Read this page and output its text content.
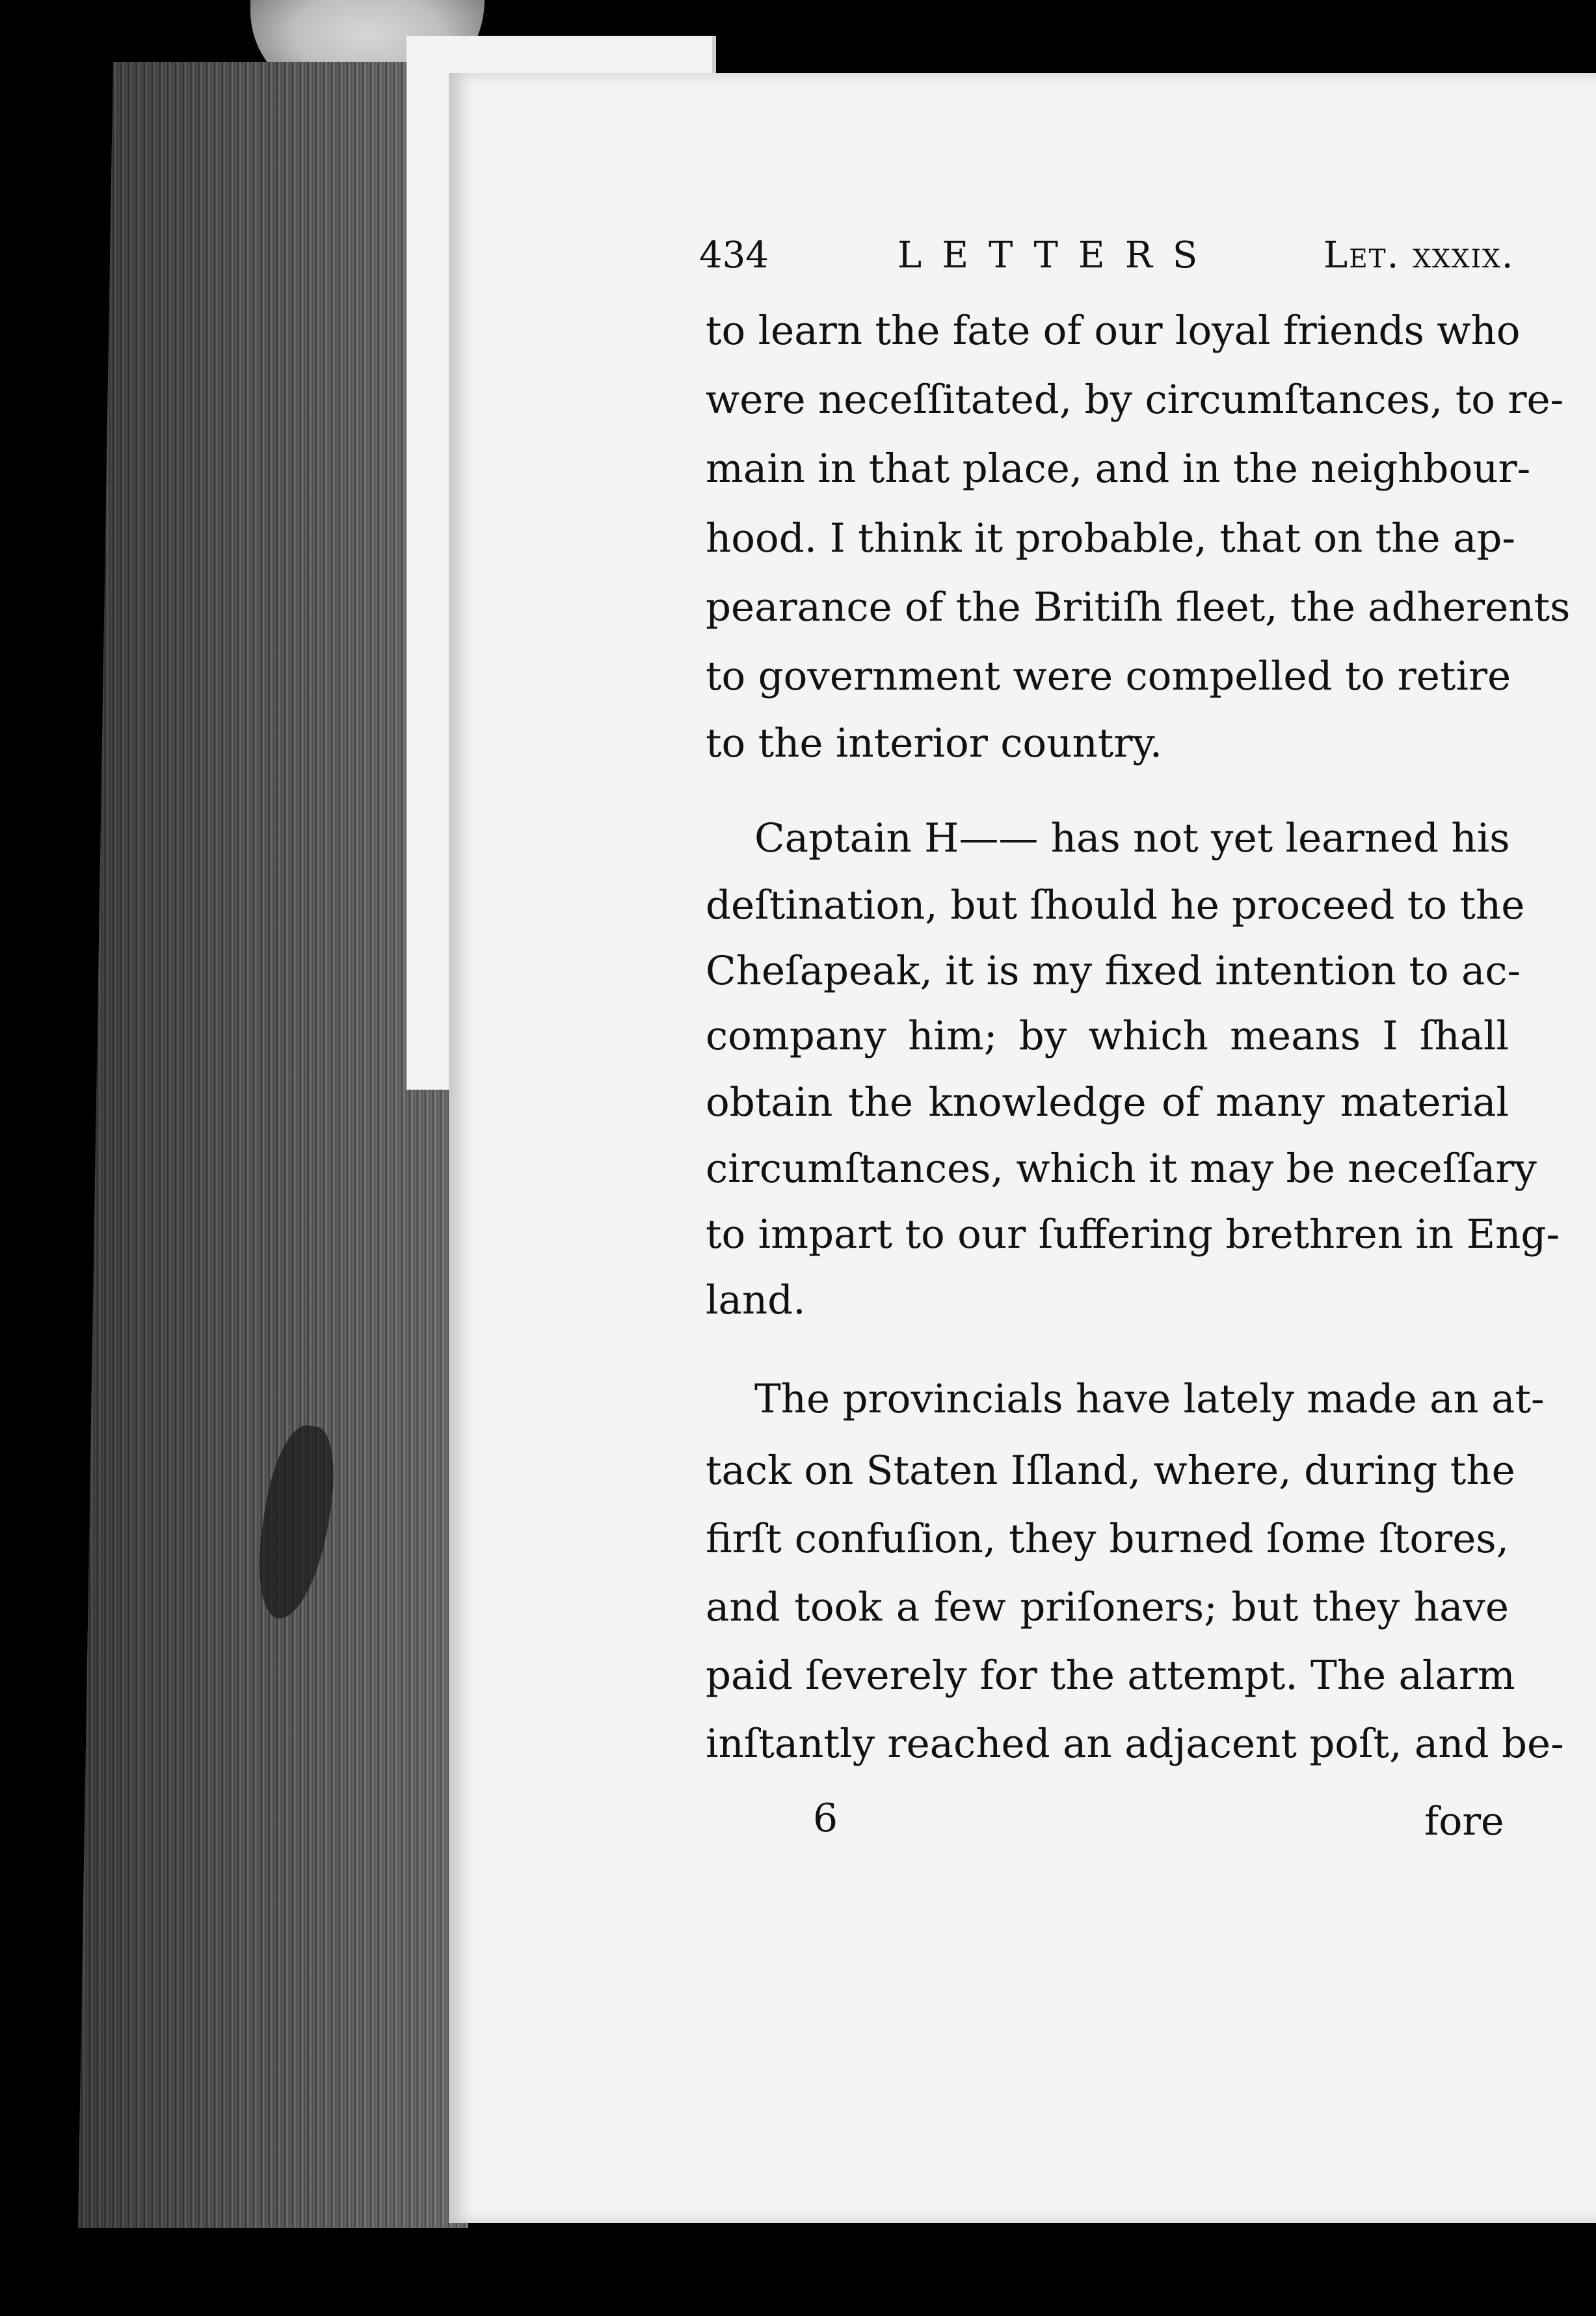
434	LETTERS	Let. xxxix.
to learn the fate of our loyal friends who
were neceſſitated, by circumſtances, to re-
main in that place, and in the neighbour-
hood. I think it probable, that on the ap-
pearance of the Britiſh fleet, the adherents
to government were compelled to retire
to the interior country.
Captain H—— has not yet learned his
deſtination, but ſhould he proceed to the
Cheſapeak, it is my fixed intention to ac-
company him; by which means I ſhall
obtain the knowledge of many material
circumſtances, which it may be neceſſary
to impart to our ſuffering brethren in Eng-
land.
The provincials have lately made an at-
tack on Staten Iſland, where, during the
firſt confuſion, they burned ſome ſtores,
and took a few priſoners; but they have
paid ſeverely for the attempt. The alarm
inſtantly reached an adjacent poſt, and be-
6	fore
